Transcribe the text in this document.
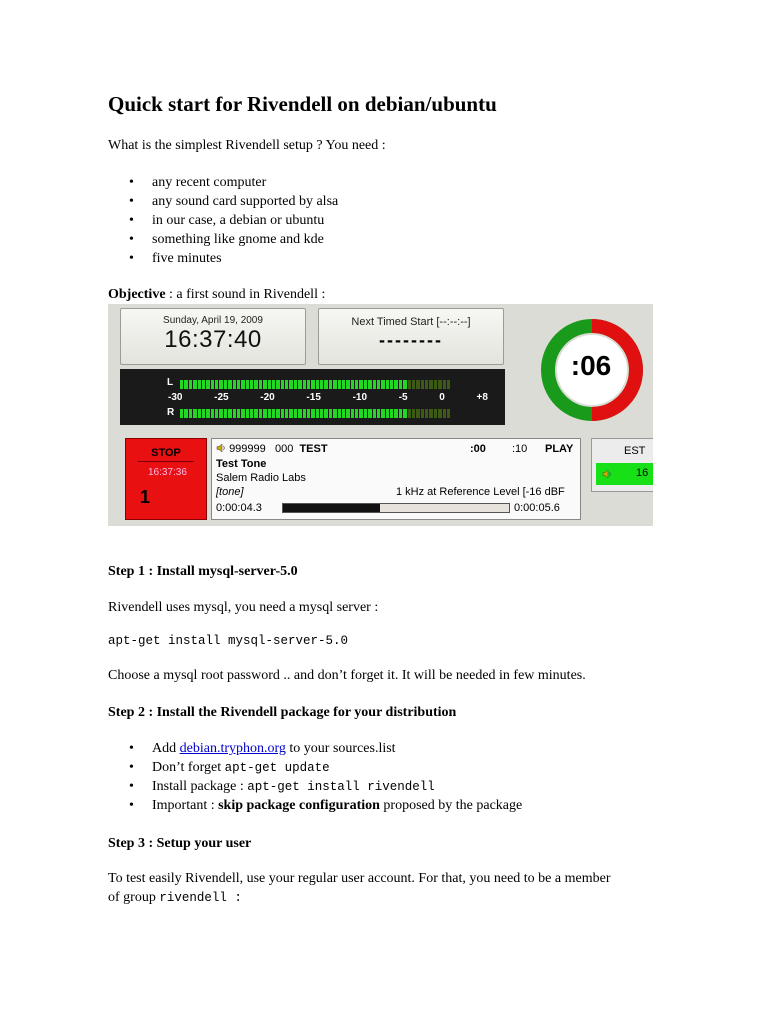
Quick start for Rivendell on debian/ubuntu
What is the simplest Rivendell setup ? You need :
• any recent computer
• any sound card supported by alsa
• in our case, a debian or ubuntu
• something like gnome and kde
• five minutes
Objective : a first sound in Rivendell :
Sunday, April 19, 2009
16:37:40
Next Timed Start [--:--:--]
--------
L
-30	-25	-20	-15	-10	-5	0	+8
R
:06
STOP
16:37:36
1
999999 000 TEST	:00 :10 PLAY
Test Tone
Salem Radio Labs
[tone]	1 kHz at Reference Level [-16 dBF
0:00:04.3	0:00:05.6
EST
16
Step 1 : Install mysql-server-5.0
Rivendell uses mysql, you need a mysql server :
apt-get install mysql-server-5.0
Choose a mysql root password .. and don’t forget it. It will be needed in few minutes.
Step 2 : Install the Rivendell package for your distribution
• Add debian.tryphon.org to your sources.list
• Don’t forget apt-get update
• Install package : apt-get install rivendell
• Important : skip package configuration proposed by the package
Step 3 : Setup your user
To test easily Rivendell, use your regular user account. For that, you need to be a member
of group rivendell :
